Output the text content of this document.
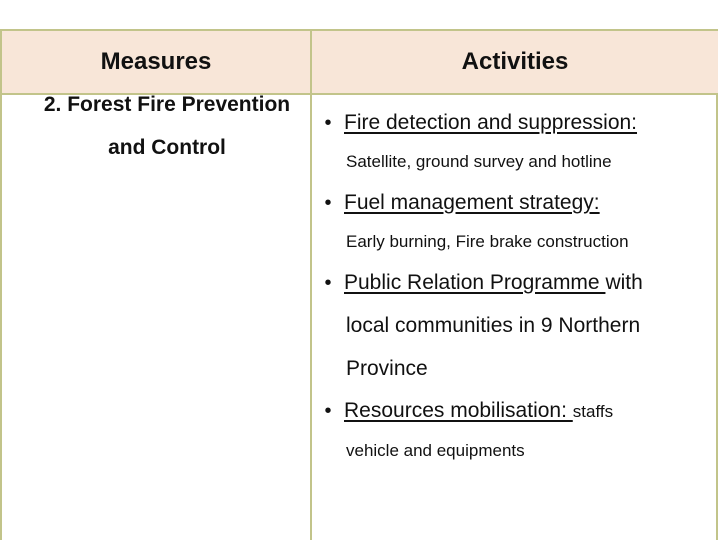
Measures	Activities
2. Forest Fire Prevention
and Control
• Fire detection and suppression:
Satellite, ground survey and hotline
• Fuel management strategy:
Early burning, Fire brake construction
• Public Relation Programme with
local communities in 9 Northern
Province
• Resources mobilisation: staffs
vehicle and equipments
